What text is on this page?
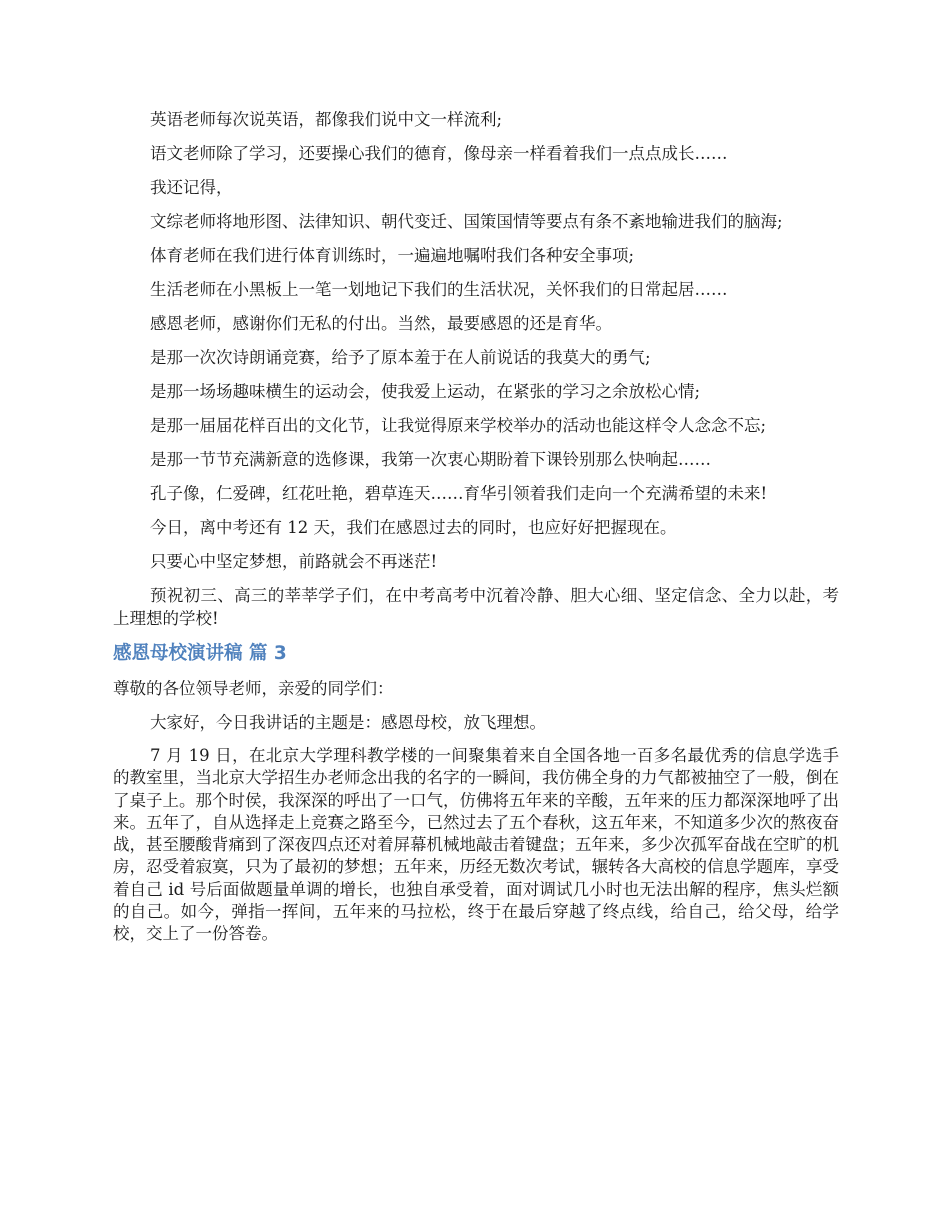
英语老师每次说英语，都像我们说中文一样流利;

语文老师除了学习，还要操心我们的德育，像母亲一样看着我们一点点成长……

我还记得，

文综老师将地形图、法律知识、朝代变迁、国策国情等要点有条不紊地输进我们的脑海;

体育老师在我们进行体育训练时，一遍遍地嘱咐我们各种安全事项;

生活老师在小黑板上一笔一划地记下我们的生活状况，关怀我们的日常起居……

感恩老师，感谢你们无私的付出。当然，最要感恩的还是育华。

是那一次次诗朗诵竞赛，给予了原本羞于在人前说话的我莫大的勇气;

是那一场场趣味横生的运动会，使我爱上运动，在紧张的学习之余放松心情;

是那一届届花样百出的文化节，让我觉得原来学校举办的活动也能这样令人念念不忘;

是那一节节充满新意的选修课，我第一次衷心期盼着下课铃别那么快响起……

孔子像，仁爱碑，红花吐艳，碧草连天……育华引领着我们走向一个充满希望的未来!

今日，离中考还有 12 天，我们在感恩过去的同时，也应好好把握现在。

只要心中坚定梦想，前路就会不再迷茫!

预祝初三、高三的莘莘学子们，在中考高考中沉着冷静、胆大心细、坚定信念、全力以赴，考上理想的学校!

感恩母校演讲稿 篇 3

尊敬的各位领导老师，亲爱的同学们：

大家好，今日我讲话的主题是：感恩母校，放飞理想。

7 月 19 日，在北京大学理科教学楼的一间聚集着来自全国各地一百多名最优秀的信息学选手的教室里，当北京大学招生办老师念出我的名字的一瞬间，我仿佛全身的力气都被抽空了一般，倒在了桌子上。那个时侯，我深深的呼出了一口气，仿佛将五年来的辛酸，五年来的压力都深深地呼了出来。五年了，自从选择走上竞赛之路至今，已然过去了五个春秋，这五年来，不知道多少次的熬夜奋战，甚至腰酸背痛到了深夜四点还对着屏幕机械地敲击着键盘；五年来，多少次孤军奋战在空旷的机房，忍受着寂寞，只为了最初的梦想；五年来，历经无数次考试，辗转各大高校的信息学题库，享受着自己 id 号后面做题量单调的增长，也独自承受着，面对调试几小时也无法出解的程序，焦头烂额的自己。如今，弹指一挥间，五年来的马拉松，终于在最后穿越了终点线，给自己，给父母，给学校，交上了一份答卷。
